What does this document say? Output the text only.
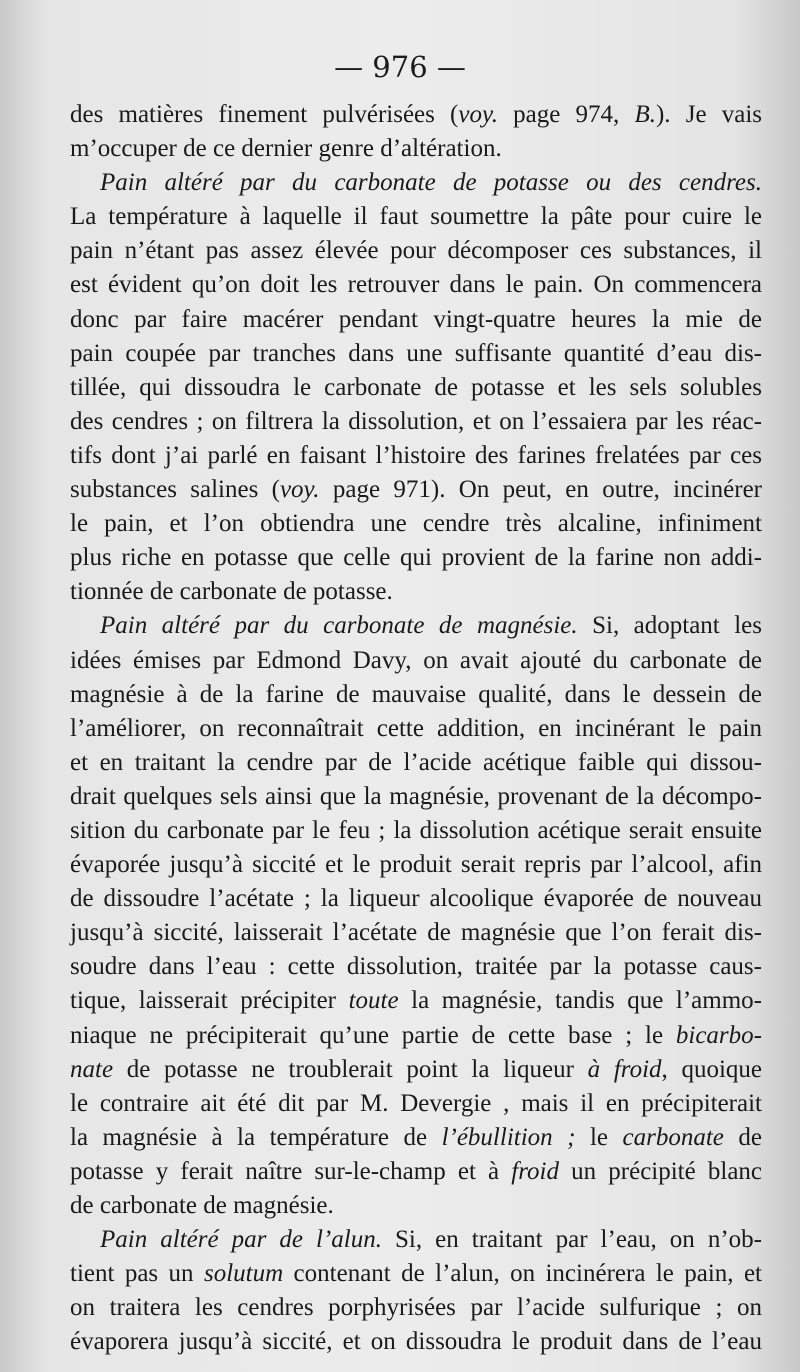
— 976 —
des matières finement pulvérisées (voy. page 974, B.). Je vais
m’occuper de ce dernier genre d’altération.
Pain altéré par du carbonate de potasse ou des cendres.
La température à laquelle il faut soumettre la pâte pour cuire le
pain n’étant pas assez élevée pour décomposer ces substances, il
est évident qu’on doit les retrouver dans le pain. On commencera
donc par faire macérer pendant vingt-quatre heures la mie de
pain coupée par tranches dans une suffisante quantité d’eau dis-
tillée, qui dissoudra le carbonate de potasse et les sels solubles
des cendres ; on filtrera la dissolution, et on l’essaiera par les réac-
tifs dont j’ai parlé en faisant l’histoire des farines frelatées par ces
substances salines (voy. page 971). On peut, en outre, incinérer
le pain, et l’on obtiendra une cendre très alcaline, infiniment
plus riche en potasse que celle qui provient de la farine non addi-
tionnée de carbonate de potasse.
Pain altéré par du carbonate de magnésie. Si, adoptant les
idées émises par Edmond Davy, on avait ajouté du carbonate de
magnésie à de la farine de mauvaise qualité, dans le dessein de
l’améliorer, on reconnaîtrait cette addition, en incinérant le pain
et en traitant la cendre par de l’acide acétique faible qui dissou-
drait quelques sels ainsi que la magnésie, provenant de la décompo-
sition du carbonate par le feu ; la dissolution acétique serait ensuite
évaporée jusqu’à siccité et le produit serait repris par l’alcool, afin
de dissoudre l’acétate ; la liqueur alcoolique évaporée de nouveau
jusqu’à siccité, laisserait l’acétate de magnésie que l’on ferait dis-
soudre dans l’eau : cette dissolution, traitée par la potasse caus-
tique, laisserait précipiter toute la magnésie, tandis que l’ammo-
niaque ne précipiterait qu’une partie de cette base ; le bicarbo-
nate de potasse ne troublerait point la liqueur à froid, quoique
le contraire ait été dit par M. Devergie , mais il en précipiterait
la magnésie à la température de l’ébullition ; le carbonate de
potasse y ferait naître sur-le-champ et à froid un précipité blanc
de carbonate de magnésie.
Pain altéré par de l’alun. Si, en traitant par l’eau, on n’ob-
tient pas un solutum contenant de l’alun, on incinérera le pain, et
on traitera les cendres porphyrisées par l’acide sulfurique ; on
évaporera jusqu’à siccité, et on dissoudra le produit dans de l’eau
